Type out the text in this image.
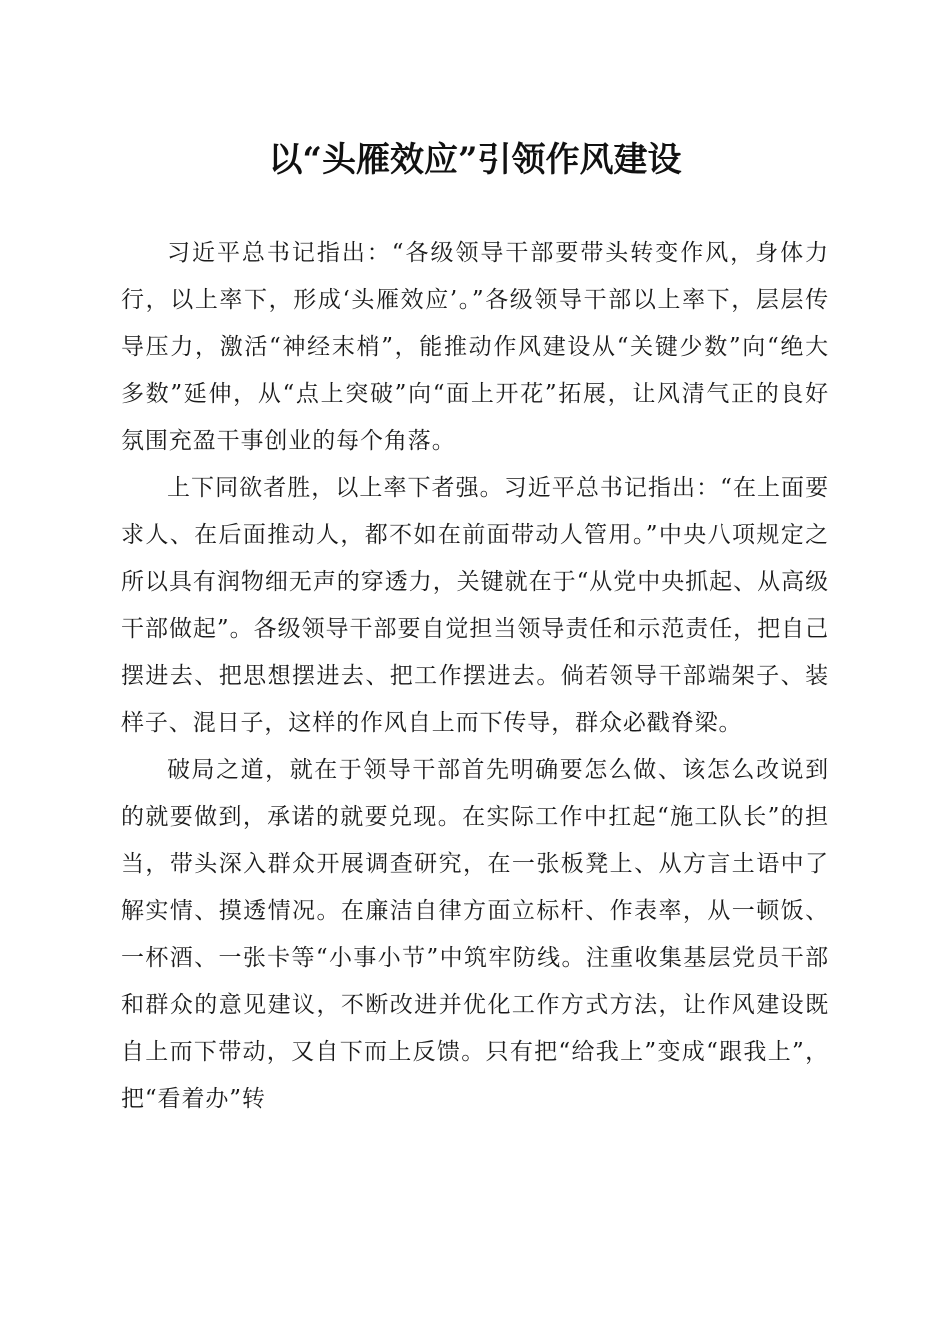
以“头雁效应”引领作风建设

习近平总书记指出：“各级领导干部要带头转变作风，身体力行，以上率下，形成‘头雁效应’。”各级领导干部以上率下，层层传导压力，激活“神经末梢”，能推动作风建设从“关键少数”向“绝大多数”延伸，从“点上突破”向“面上开花”拓展，让风清气正的良好氛围充盈干事创业的每个角落。

上下同欲者胜，以上率下者强。习近平总书记指出：“在上面要求人、在后面推动人，都不如在前面带动人管用。”中央八项规定之所以具有润物细无声的穿透力，关键就在于“从党中央抓起、从高级干部做起”。各级领导干部要自觉担当领导责任和示范责任，把自己摆进去、把思想摆进去、把工作摆进去。倘若领导干部端架子、装样子、混日子，这样的作风自上而下传导，群众必戳脊梁。

破局之道，就在于领导干部首先明确要怎么做、该怎么改说到的就要做到，承诺的就要兑现。在实际工作中扛起“施工队长”的担当，带头深入群众开展调查研究，在一张板凳上、从方言土语中了解实情、摸透情况。在廉洁自律方面立标杆、作表率，从一顿饭、一杯酒、一张卡等“小事小节”中筑牢防线。注重收集基层党员干部和群众的意见建议，不断改进并优化工作方式方法，让作风建设既自上而下带动，又自下而上反馈。只有把“给我上”变成“跟我上”，把“看着办”转
